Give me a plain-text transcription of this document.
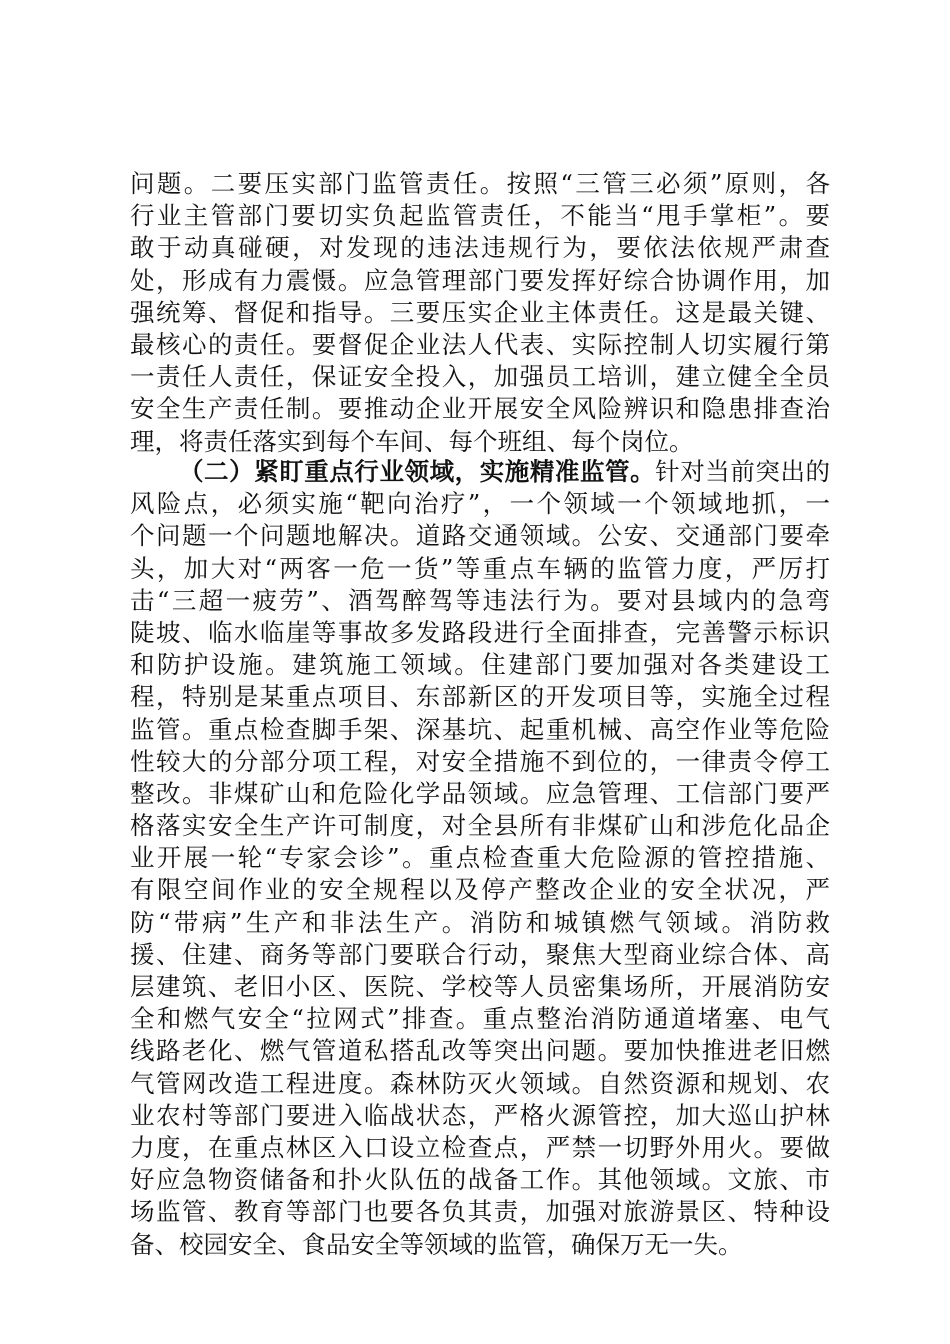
问题。二要压实部门监管责任。按照“三管三必须”原则，各
行业主管部门要切实负起监管责任，不能当“甩手掌柜”。要
敢于动真碰硬，对发现的违法违规行为，要依法依规严肃查
处，形成有力震慑。应急管理部门要发挥好综合协调作用，加
强统筹、督促和指导。三要压实企业主体责任。这是最关键、
最核心的责任。要督促企业法人代表、实际控制人切实履行第
一责任人责任，保证安全投入，加强员工培训，建立健全全员
安全生产责任制。要推动企业开展安全风险辨识和隐患排查治
理，将责任落实到每个车间、每个班组、每个岗位。
（二）紧盯重点行业领域，实施精准监管。针对当前突出的
风险点，必须实施“靶向治疗”，一个领域一个领域地抓，一
个问题一个问题地解决。道路交通领域。公安、交通部门要牵
头，加大对“两客一危一货”等重点车辆的监管力度，严厉打
击“三超一疲劳”、酒驾醉驾等违法行为。要对县域内的急弯
陡坡、临水临崖等事故多发路段进行全面排查，完善警示标识
和防护设施。建筑施工领域。住建部门要加强对各类建设工
程，特别是某重点项目、东部新区的开发项目等，实施全过程
监管。重点检查脚手架、深基坑、起重机械、高空作业等危险
性较大的分部分项工程，对安全措施不到位的，一律责令停工
整改。非煤矿山和危险化学品领域。应急管理、工信部门要严
格落实安全生产许可制度，对全县所有非煤矿山和涉危化品企
业开展一轮“专家会诊”。重点检查重大危险源的管控措施、
有限空间作业的安全规程以及停产整改企业的安全状况，严
防“带病”生产和非法生产。消防和城镇燃气领域。消防救
援、住建、商务等部门要联合行动，聚焦大型商业综合体、高
层建筑、老旧小区、医院、学校等人员密集场所，开展消防安
全和燃气安全“拉网式”排查。重点整治消防通道堵塞、电气
线路老化、燃气管道私搭乱改等突出问题。要加快推进老旧燃
气管网改造工程进度。森林防灭火领域。自然资源和规划、农
业农村等部门要进入临战状态，严格火源管控，加大巡山护林
力度，在重点林区入口设立检查点，严禁一切野外用火。要做
好应急物资储备和扑火队伍的战备工作。其他领域。文旅、市
场监管、教育等部门也要各负其责，加强对旅游景区、特种设
备、校园安全、食品安全等领域的监管，确保万无一失。
